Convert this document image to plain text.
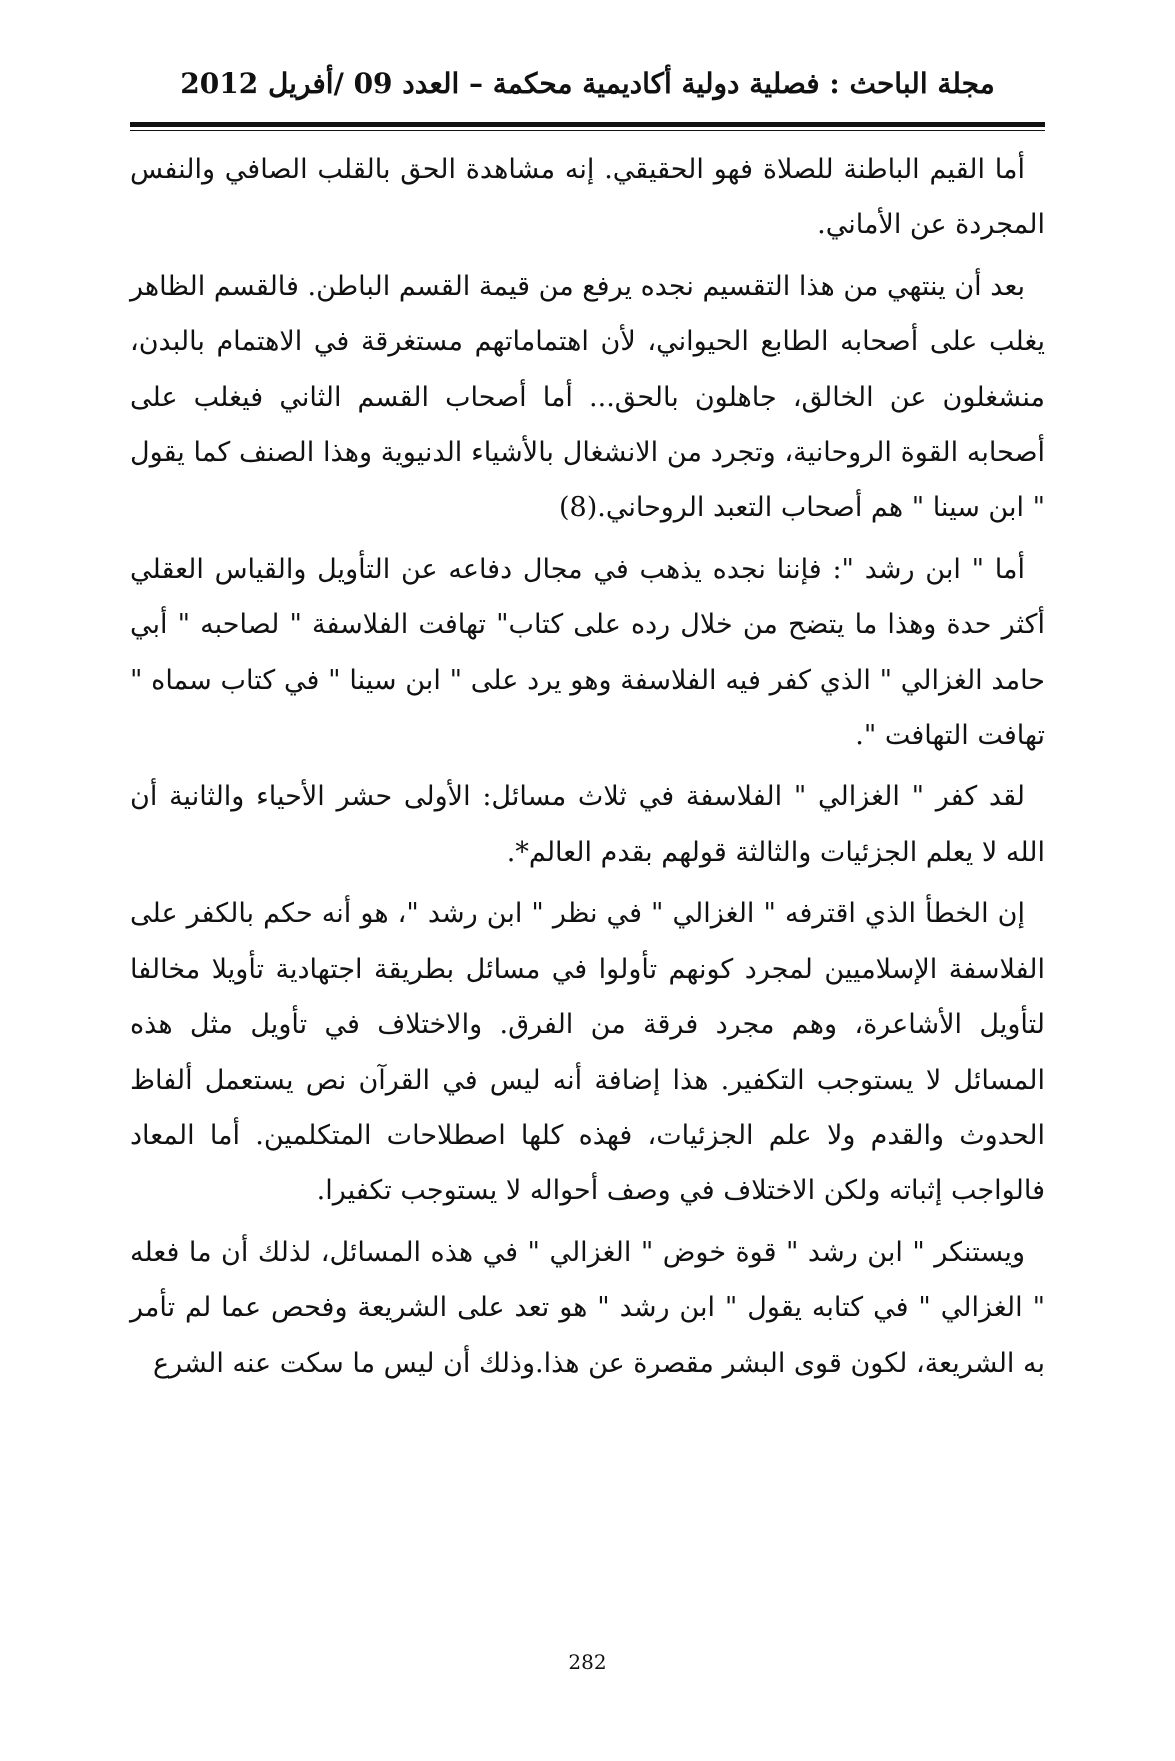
مجلة الباحث : فصلية دولية أكاديمية محكمة – العدد 09 /أفريل 2012

أما القيم الباطنة للصلاة فهو الحقيقي. إنه مشاهدة الحق بالقلب الصافي والنفس المجردة عن الأماني.

بعد أن ينتهي من هذا التقسيم نجده يرفع من قيمة القسم الباطن. فالقسم الظاهر يغلب على أصحابه الطابع الحيواني، لأن اهتماماتهم مستغرقة في الاهتمام بالبدن، منشغلون عن الخالق، جاهلون بالحق... أما أصحاب القسم الثاني فيغلب على أصحابه القوة الروحانية، وتجرد من الانشغال بالأشياء الدنيوية وهذا الصنف كما يقول " ابن سينا " هم أصحاب التعبد الروحاني.(8)

أما " ابن رشد ": فإننا نجده يذهب في مجال دفاعه عن التأويل والقياس العقلي أكثر حدة وهذا ما يتضح من خلال رده على كتاب" تهافت الفلاسفة " لصاحبه " أبي حامد الغزالي " الذي كفر فيه الفلاسفة وهو يرد على " ابن سينا " في كتاب سماه " تهافت التهافت ".

لقد كفر " الغزالي " الفلاسفة في ثلاث مسائل: الأولى حشر الأحياء والثانية أن الله لا يعلم الجزئيات والثالثة قولهم بقدم العالم*.

إن الخطأ الذي اقترفه " الغزالي " في نظر " ابن رشد "، هو أنه حكم بالكفر على الفلاسفة الإسلاميين لمجرد كونهم تأولوا في مسائل بطريقة اجتهادية تأويلا مخالفا لتأويل الأشاعرة، وهم مجرد فرقة من الفرق. والاختلاف في تأويل مثل هذه المسائل لا يستوجب التكفير. هذا إضافة أنه ليس في القرآن نص يستعمل ألفاظ الحدوث والقدم ولا علم الجزئيات، فهذه كلها اصطلاحات المتكلمين. أما المعاد فالواجب إثباته ولكن الاختلاف في وصف أحواله لا يستوجب تكفيرا.

ويستنكر " ابن رشد " قوة خوض " الغزالي " في هذه المسائل، لذلك أن ما فعله " الغزالي " في كتابه يقول " ابن رشد " هو تعد على الشريعة وفحص عما لم تأمر به الشريعة، لكون قوى البشر مقصرة عن هذا.وذلك أن ليس ما سكت عنه الشرع

282
